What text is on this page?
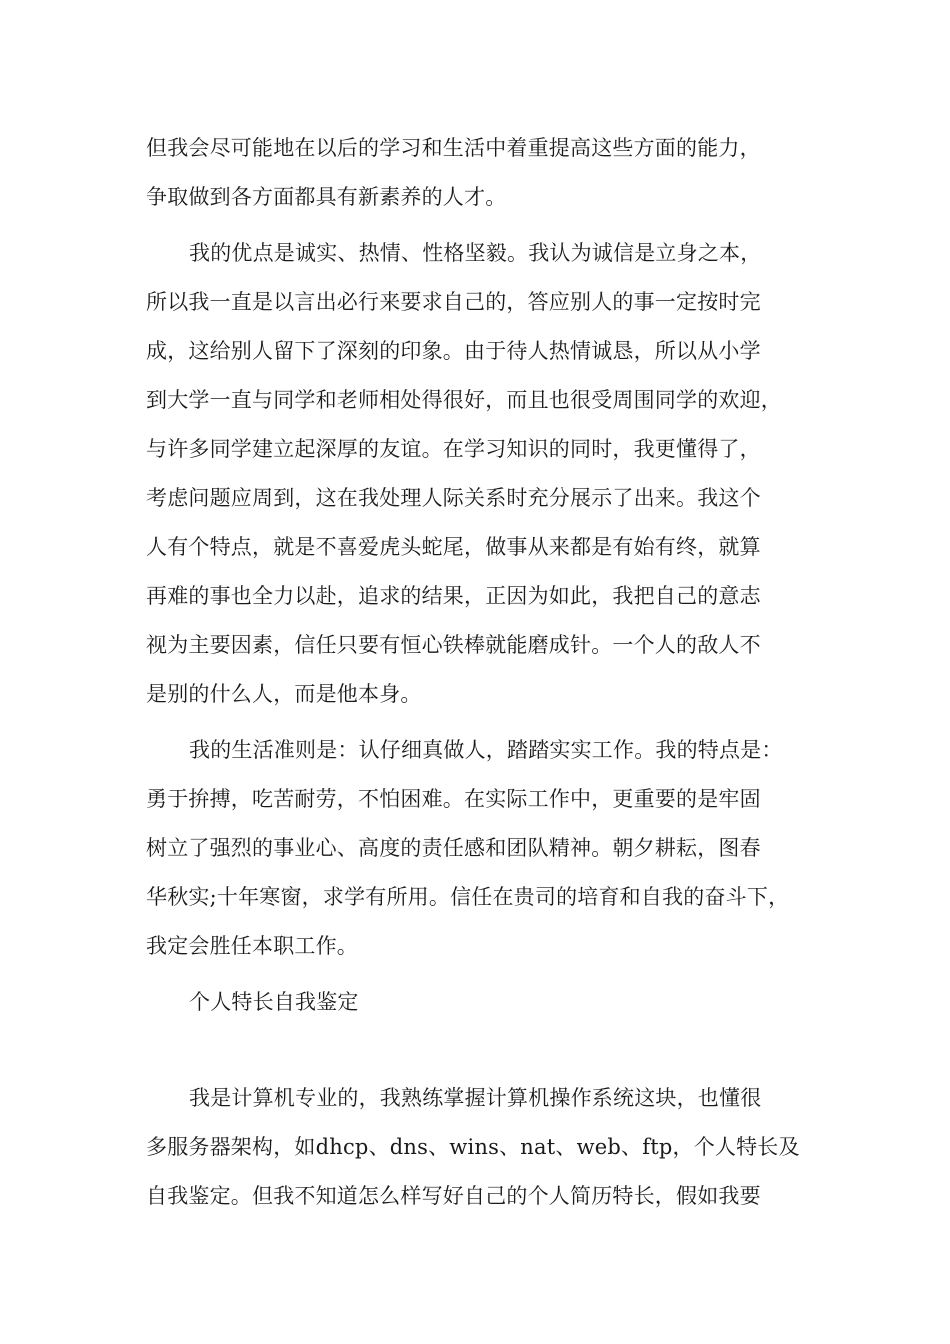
但我会尽可能地在以后的学习和生活中着重提高这些方面的能力，
争取做到各方面都具有新素养的人才。
我的优点是诚实、热情、性格坚毅。我认为诚信是立身之本，
所以我一直是以言出必行来要求自己的，答应别人的事一定按时完
成，这给别人留下了深刻的印象。由于待人热情诚恳，所以从小学
到大学一直与同学和老师相处得很好，而且也很受周围同学的欢迎，
与许多同学建立起深厚的友谊。在学习知识的同时，我更懂得了，
考虑问题应周到，这在我处理人际关系时充分展示了出来。我这个
人有个特点，就是不喜爱虎头蛇尾，做事从来都是有始有终，就算
再难的事也全力以赴，追求的结果，正因为如此，我把自己的意志
视为主要因素，信任只要有恒心铁棒就能磨成针。一个人的敌人不
是别的什么人，而是他本身。
我的生活准则是：认仔细真做人，踏踏实实工作。我的特点是：
勇于拚搏，吃苦耐劳，不怕困难。在实际工作中，更重要的是牢固
树立了强烈的事业心、高度的责任感和团队精神。朝夕耕耘，图春
华秋实;十年寒窗，求学有所用。信任在贵司的培育和自我的奋斗下，
我定会胜任本职工作。
个人特长自我鉴定
我是计算机专业的，我熟练掌握计算机操作系统这块，也懂很
多服务器架构，如dhcp、dns、wins、nat、web、ftp，个人特长及
自我鉴定。但我不知道怎么样写好自己的个人简历特长，假如我要
